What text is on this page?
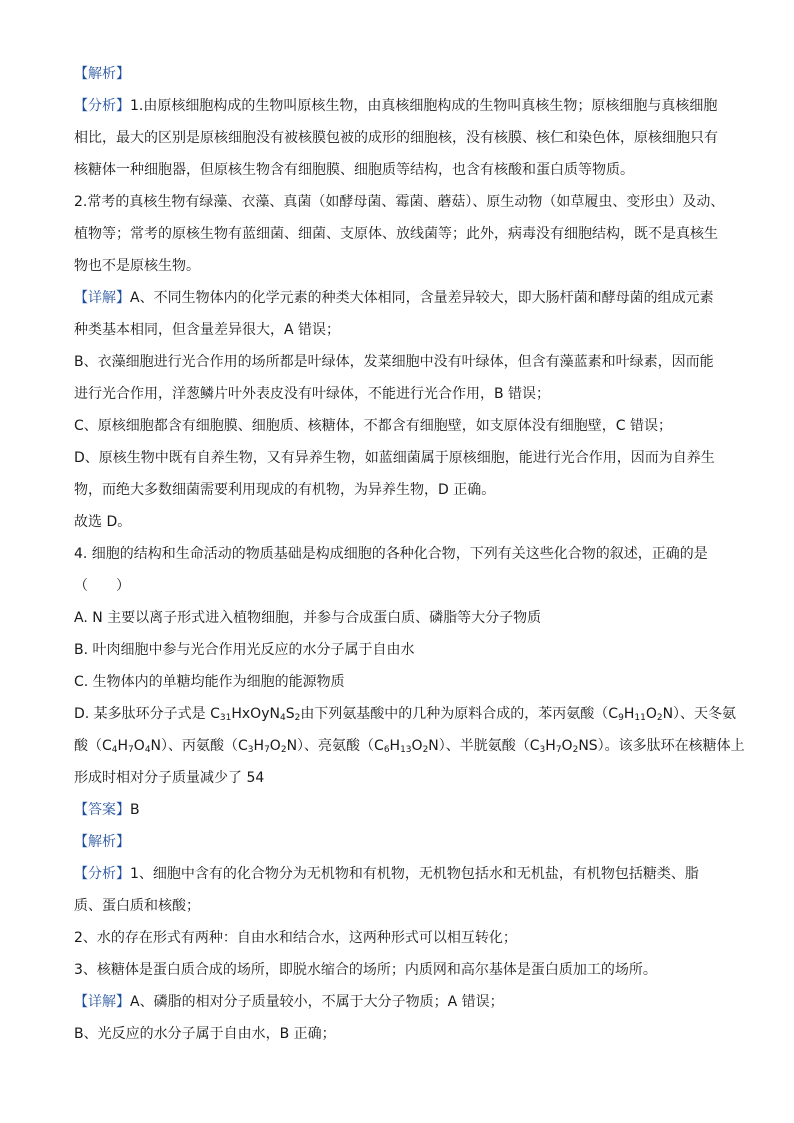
【解析】
【分析】1.由原核细胞构成的生物叫原核生物，由真核细胞构成的生物叫真核生物；原核细胞与真核细胞
相比，最大的区别是原核细胞没有被核膜包被的成形的细胞核，没有核膜、核仁和染色体，原核细胞只有
核糖体一种细胞器，但原核生物含有细胞膜、细胞质等结构，也含有核酸和蛋白质等物质。
2.常考的真核生物有绿藻、衣藻、真菌（如酵母菌、霉菌、蘑菇）、原生动物（如草履虫、变形虫）及动、
植物等；常考的原核生物有蓝细菌、细菌、支原体、放线菌等；此外，病毒没有细胞结构，既不是真核生
物也不是原核生物。
【详解】A、不同生物体内的化学元素的种类大体相同，含量差异较大，即大肠杆菌和酵母菌的组成元素
种类基本相同，但含量差异很大，A 错误；
B、衣藻细胞进行光合作用的场所都是叶绿体，发菜细胞中没有叶绿体，但含有藻蓝素和叶绿素，因而能
进行光合作用，洋葱鳞片叶外表皮没有叶绿体，不能进行光合作用，B 错误；
C、原核细胞都含有细胞膜、细胞质、核糖体，不都含有细胞壁，如支原体没有细胞壁，C 错误；
D、原核生物中既有自养生物，又有异养生物，如蓝细菌属于原核细胞，能进行光合作用，因而为自养生
物，而绝大多数细菌需要利用现成的有机物，为异养生物，D 正确。
故选 D。
4. 细胞的结构和生命活动的物质基础是构成细胞的各种化合物，下列有关这些化合物的叙述，正确的是
（　　）
A. N 主要以离子形式进入植物细胞，并参与合成蛋白质、磷脂等大分子物质
B. 叶肉细胞中参与光合作用光反应的水分子属于自由水
C. 生物体内的单糖均能作为细胞的能源物质
D. 某多肽环分子式是 $C_{31}HxOyN_4S_2$由下列氨基酸中的几种为原料合成的，苯丙氨酸$(C_9H_{11}O_2N)$、天冬氨
酸$(C_4H_7O_4N)$、丙氨酸$(C_3H_7O_2N)$、亮氨酸$(C_6H_{13}O_2N)$、半胱氨酸$(C_3H_7O_2NS)$。该多肽环在核糖体上
形成时相对分子质量减少了 54
【答案】B
【解析】
【分析】1、细胞中含有的化合物分为无机物和有机物，无机物包括水和无机盐，有机物包括糖类、脂
质、蛋白质和核酸；
2、水的存在形式有两种：自由水和结合水，这两种形式可以相互转化；
3、核糖体是蛋白质合成的场所，即脱水缩合的场所；内质网和高尔基体是蛋白质加工的场所。
【详解】A、磷脂的相对分子质量较小，不属于大分子物质；A 错误；
B、光反应的水分子属于自由水，B 正确；
